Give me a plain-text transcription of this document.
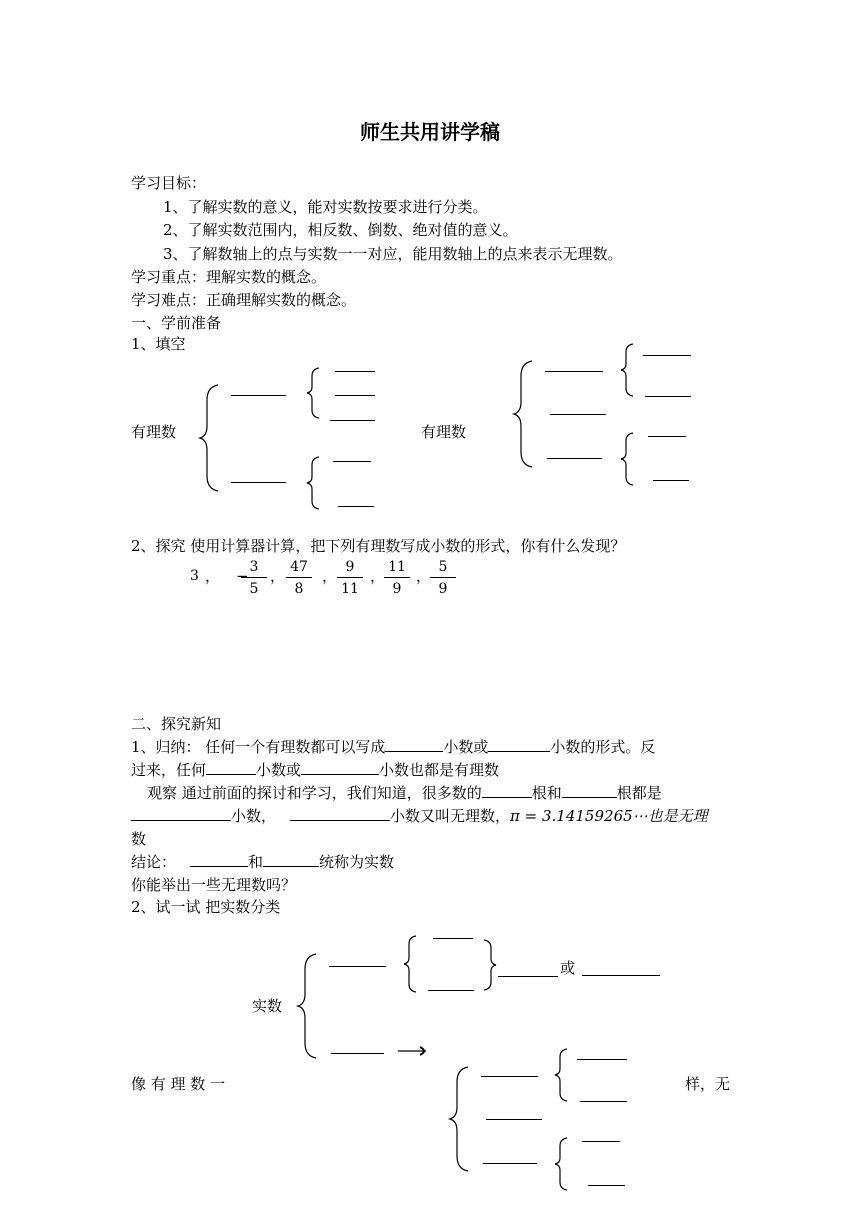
师生共用讲学稿
学习目标：
1、了解实数的意义，能对实数按要求进行分类。
2、了解实数范围内，相反数、倒数、绝对值的意义。
3、了解数轴上的点与实数一一对应，能用数轴上的点来表示无理数。
学习重点：理解实数的概念。
学习难点：正确理解实数的概念。
一、学前准备
1、填空
有理数	有理数
2、探究 使用计算器计算，把下列有理数写成小数的形式，你有什么发现？
3 ， −
$\frac{3}{5}$ ， $\frac{47}{8}$ ， $\frac{9}{11}$ ，
$\frac{11}{9}$ ，
$\frac{5}{9}$
二、探究新知
1、归纳： 任何一个有理数都可以写成	小数或	小数的形式。反
过来，任何	小数或	小数也都是有理数
观察 通过前面的探讨和学习，我们知道，很多数的	根和	根都是
小数，	小数又叫无理数，π = 3.14159265⋯也是无理
数
结论：	和	统称为实数
你能举出一些无理数吗？
2、试一试 把实数分类
实数
或
像 有 理 数 一	样，无
